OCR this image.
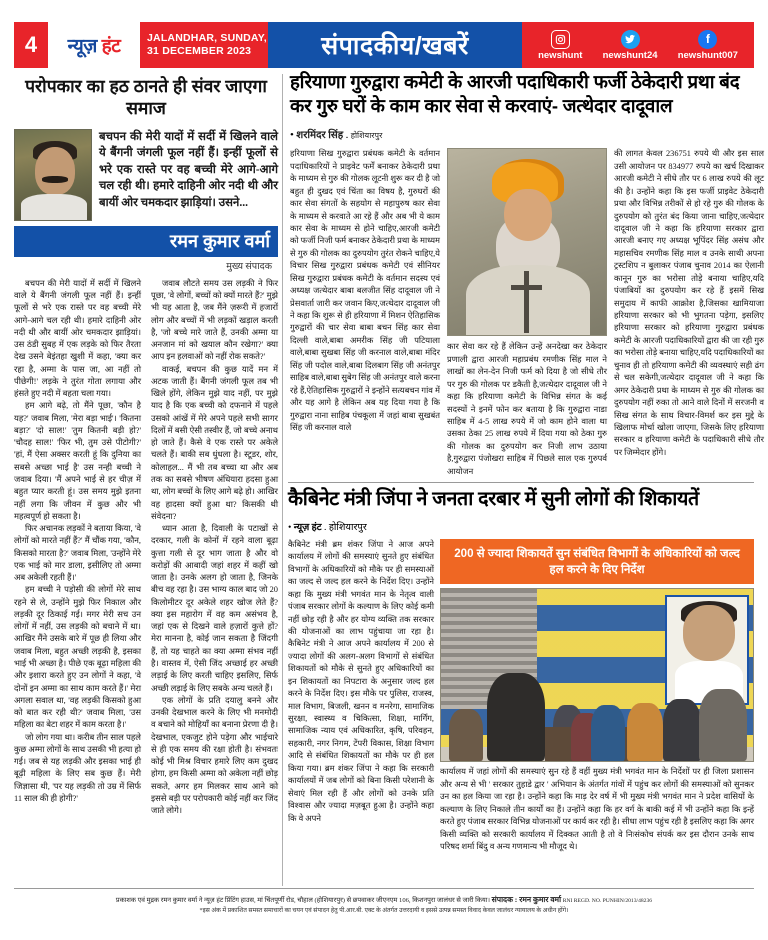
4	न्यूज़ हंट	JALANDHAR, SUNDAY,
31 DECEMBER 2023	संपादकीय/खबरें	newshunt newshunt24
f
newshunt007
परोपकार का हठ ठानते ही संवर जाएगा समाज
बचपन की मेरी यादों में सर्दी में खिलने वाले ये बैंगनी जंगली फूल नहीं हैं। इन्हीं फूलों से भरे एक रास्ते पर वह बच्ची मेरे आगे-आगे चल रही थी। हमारे दाहिनी ओर नदी थी और बायीं ओर चमकदार झाड़ियां। उसने...
रमन कुमार वर्मा
मुख्य संपादक

बचपन की मेरी यादों में सर्दी में खिलने वाले ये बैंगनी जंगली फूल नहीं हैं। इन्हीं फूलों से भरे एक रास्ते पर वह बच्ची मेरे आगे-आगे चल रही थी। हमारे दाहिनी ओर नदी थी और बायीं ओर चमकदार झाड़ियां। उस ठंडी सुबह में एक लड़के को फिर तैरता देख उसने बेइंतहा खुशी में कहा, 'क्या कर रहा है, अम्मा के पास जा, आ नहीं तो पीछेगी!' लड़के ने तुरंत गोता लगाया और हंसते हुए नदी में बहता चला गया।

हम आगे बढ़े, तो मैंने पूछा, 'कौन है यह?' जवाब मिला, 'मेरा बड़ा भाई'। 'कितना बड़ा?' 'दो साल!' 'तुम कितनी बड़ी हो?' 'चौदह साल!' 'फिर भी, तुम उसे पीटोगी?' 'हां, मैं ऐसा अक्सर करती हूं कि दुनिया का सबसे अच्छा भाई है' उस नन्ही बच्ची ने जवाब दिया। 'मैं अपने भाई से हर चीज़ में बहुत प्यार करती हूं। उस समय मुझे इतना नहीं लगा कि जीवन में कुछ और भी महत्वपूर्ण हो सकता है।

फिर अचानक लड़कों ने बताया किया, 'वे लोगों को मारते नहीं हैं?' मैं चौंक गया, 'कौन, किसको मारता है?' जवाब मिला, 'उन्होंने मेरे एक भाई को मार डाला, इसीलिए तो अम्मा अब अकेली रहती हैं।'

हम बच्ची ने पड़ोसी की लोगों मेरे साथ रहने से ले, उन्होंने मुझे फिर निकाल और लड़की दूर ठिकाई गई। मगर मेरी सच उन लोगों में नहीं, उस लड़की को बचाने में था। आखिर मैंने उसके बारे में पूछ ही लिया और जवाब मिला, बहुत अच्छी लड़की है, इसका भाई भी अच्छा है। पीछे एक बूढ़ा महिला की और इशारा करते हुए उन लोगों ने कहा, 'वे दोनों इन अम्मा का साथ काम करते हैं।' मेरा अगला सवाल था, 'वह लड़की किसको हुआ को बात कर रही थी?' जवाब मिला, 'उस महिला का बेटा शहर में काम करता है।'

जो लोग गया था। करीब तीन साल पहले कुछ अम्मा लोगों के साथ उसकी भी हत्या हो गई। जब से यह लड़की और इसका भाई ही बूढ़ी महिला के लिए सब कुछ हैं। मेरी जिज्ञासा थी, 'पर यह लड़की तो उम्र में सिर्फ 11 साल की ही होगी?'

जवाब लौटते समय उस लड़की ने फिर पूछा, 'वे लोगों, बच्चों को क्यों मारते हैं?' मुझे भी यह आता है, जब मैंने ज़रूरी में हजारों लोग और बच्चों में भी लड़कों खड़ाल करती है, 'जो बच्चे मारे जाते हैं, उनकी अम्मा या अनजान मां को खयाल कौन रखेगा?' क्या आप इन हलवाओं को नहीं रोक सकते?'

वाकई, बचपन की कुछ यादें मन में अटक जाती हैं। बैंगनी जंगली फूल तब भी खिले होंगे, लेकिन मुझे याद नहीं, पर मुझे याद है कि एक बच्ची को दफनाने में पहले उसको आंखें में मेरे अपने पहले सभी सागर दिलों में बसी ऐसी तस्वीर हैं, जो बच्चे अनाथ हो जाते हैं। कैसे वे एक रास्ते पर अकेले चलते हैं। बाकी सब धुंधला है। स्टूडर, शोर, कोलाहल... मैं भी तब बच्चा था और अब तक का सबसे भीषण अंधियारा हदसा हुआ था, लोग बच्चों के लिए आगे बढ़े हो। आखिर वह हादसा क्यों हुआ था? किसकी थी संवेदना?

ध्यान आता है, दिवाली के पटाखों से दरकार, गली के कोनों में रहने वाला बूढ़ा कुत्ता गली से दूर भाग जाता है और वो करोड़ों की आबादी जहां शहर में कहीं खो जाता है। उनके अलग हो जाता है, जिनके बीच वह रहा है। उस भाग्य काल बाद जो 20 किलोमीटर दूर अकेले शहर खोज लेते हैं? क्या इस महारोग में वह कम असंभव है, जहां एक से दिखने वाले हज़ारों कुत्ते हों? मेरा मानना है, कोई जान सकता है जिंदगी हैं, तो यह चाहते का क्या अम्मा संभव नहीं है। वास्तव में, ऐसी जिंद अच्छाई हर अच्छी लड़ाई के लिए करती चाहिए इसलिए, सिर्फ अच्छी लड़ाई के लिए सबके अन्य चलते हैं।

एक लोगों के प्रति दयालु बनने और उनकी देखभाल करने के लिए भी मनमोदी व बचाने को मोहियाँ का बनाना प्रेरणा दी है। देखभाल, एकजुट होने पड़ेगा और भाईचारे से ही एक समय की रक्षा होती है। संभवतः कोई भी मिश्र विचार हमारे लिए कम दुखद होगा, हम किसी अम्मा को अकेला नहीं छोड़ सकते, अगर हम मिलकर साथ आने को इससे बड़ी पर परोपकारी कोई नहीं कर जिंद जाते लोगे।

हरियाणा गुरुद्वारा कमेटी के आरजी पदाधिकारी फर्जी ठेकेदारी प्रथा बंद कर गुरु घरों के काम कार सेवा से करवाएं- जत्थेदार दादूवाल
• शरमिंदर सिंह . होशियारपुर

हरियाणा सिख गुरुद्वारा प्रबंधक कमेटी के वर्तमान पदाधिकारियों ने प्राइवेट फर्में बनाकर ठेकेदारी प्रथा के माध्यम से गुरु की गोलक लूटनी शुरू कर दी है जो बहुत ही दुखद एवं चिंता का विषय है, गुरुघरों की कार सेवा संगतों के सहयोग से महापुरुष कार सेवा के माध्यम से करवाते आ रहे हैं और अब भी ये काम कार सेवा के माध्यम से होने चाहिए,आरजी कमेटी को फर्जी निजी फर्म बनाकर ठेकेदारी प्रथा के माध्यम से गुरु की गोलक का दुरुपयोग तुरंत रोकने चाहिए,ये विचार सिख गुरुद्वारा प्रबंधक कमेटी एवं सीनियर सिख गुरुद्वारा प्रबंधक कमेटी के वर्तमान सदस्य एवं अध्यक्ष जत्थेदार बाबा बलजीत सिंह दादूवाल जी ने प्रेसवार्ता जारी कर जवान किए,जत्थेदार दादूवाल जी ने कहा कि शुरू से ही हरियाणा में मिशन ऐतिहासिक गुरुद्वारों की चार सेवा बाबा बचन सिंह कार सेवा दिल्ली वाले,बाबा अमरीक सिंह जी पटियाला वाले,बाबा सुखबा सिंह जी करनाल वाले,बाबा मंदिर सिंह जी पदोल वाले,बाबा दिलबाग सिंह जी अनंतपुर साहिब वाले,बाबा सुबेग सिंह जी अनंतपुर वाले करना रहे हैं,ऐतिहासिक गुरुद्वारों ने इन्होंने सत्यबचन गांव में और यह आगे है लेकिन अब यह दिया गया है कि गुरुद्वारा नाना साहिब पंचकूला में जहां बाबा सुखबंत सिंह जी करनाल वाले

कार सेवा कर रहे हैं लेकिन उन्हें अनदेखा कर ठेकेदार प्रणाली द्वारा आरजी महाप्रबंध रमणीक सिंह माल ने लाखों का लेन-देन निजी फर्म को दिया है जो सीधे तौर पर गुरु की गोलक पर डकैती है,जत्थेदार दादूवाल जी ने कहा कि हरियाणा कमेटी के विभिन्न संगत के कई सदस्यों ने इनमें फोन कर बताया है कि गुरुद्वारा नाडा साहिब में 4-5 लाख रुपये में जो काम होने वाला था उसका ठेका 25 लाख रुपये में दिया गया को ठेका गुरु की गोलक का दुरुपयोग कर निजी लाभ उठाया है,गुरुद्वारा पंजोखरा साहिब में पिछले साल एक गुरुपर्व आयोजन

की लागत केवल 236751 रुपये थी और इस साल उसी आयोजन पर 834977 रुपये का खर्च दिखाकर आरजी कमेटी ने सीधे तौर पर 6 लाख रुपये की लूट की है। उन्होंने कहा कि इस फर्जी प्राइवेट ठेकेदारी प्रथा और विभिन्न तरीकों से हो रहे गुरु की गोलक के दुरुपयोग को तुरंत बंद किया जाना चाहिए,जत्थेदार दादूवाल जी ने कहा कि हरियाणा सरकार द्वारा आरजी बनाए गए अध्यक्ष भूपिंदर सिंह असंध और महासचिव रमणीक सिंह माल व उनके साथी अपना ट्रस्टशिप न बुलाकर पंजाब चुनाव 2014 का ऐलानी कानून गुरु का भरोसा तोड़े बनाया चाहिए,यदि पंजाबियों का दुरुपयोग कर रहे हैं इसमें सिख समुदाय में काफी आक्रोश है,जिसका खामियाजा हरियाणा सरकार को भी भुगतना पड़ेगा, इसलिए हरियाणा सरकार को हरियाणा गुरुद्वारा प्रबंधक कमेटी के आरजी पदाधिकारियों द्वारा की जा रही गुरु का भरोसा तोड़े बनाया चाहिए,यदि पदाधिकारियों का चुनाव ही तो हरियाणा कमेटी की व्यवस्थाएं सही ढंग से चल सकेगी,जत्थेदार दादूवाल जी ने कहा कि अगर ठेकेदारी प्रथा के माध्यम से गुरु की गोलक का दुरुपयोग नहीं रुका तो आने वाले दिनों में सरजनी व सिख संगत के साथ विचार-विमर्श कर इस मुद्दे के खिलाफ मोर्चा खोला जाएगा, जिसके लिए हरियाणा सरकार व हरियाणा कमेटी के पदाधिकारी सीधे तौर पर जिम्मेदार होंगे।

कैबिनेट मंत्री जिंपा ने जनता दरबार में सुनी लोगों की शिकायतें
• न्यूज़ हंट . होशियारपुर

कैबिनेट मंत्री ब्रम शंकर जिंपा ने आज अपने कार्यालय में लोगों की समस्याएं सुनते हुए संबंधित विभागों के अधिकारियों को मौके पर ही समस्याओं का जल्द से जल्द हल करने के निर्देश दिए। उन्होंने कहा कि मुख्य मंत्री भगवंत मान के नेतृत्व वाली पंजाब सरकार लोगों के कल्याण के लिए कोई कमी नहीं छोड़ रही है और हर योग्य व्यक्ति तक सरकार की योजनाओं का लाभ पहुंचाया जा रहा है। कैबिनेट मंत्री ने आज अपने कार्यालय में 200 से ज्यादा लोगों की अलग-अलग विभागों से संबंधित शिकायतों को मौके से सुनते हुए अधिकारियों का इन शिकायतों का निपटारा के अनुसार जल्द हल करने के निर्देश दिए। इस मौके पर पुलिस, राजस्व, माल विभाग, बिजली, खनन व मनरेगा, सामाजिक सुरक्षा, स्वास्थ्य व चिकित्सा, शिक्षा, मार्गिंग, सामाजिक न्याय एवं अधिकारित, कृषि, परिवहन, सहकारी, नगर निगम, टेंपरी विकास, शिक्षा विभाग आदि से संबंधित शिकायतों का मौके पर ही हल किया गया। ब्रम शंकर जिंपा ने कहा कि सरकारी कार्यालयों में जब लोगों को बिना किसी परेशानी के सेवाएं मिल रही हैं और लोगों को उनके प्रति विश्वास और ज्यादा मज़बूत हुआ है। उन्होंने कहा कि वे अपने

200 से ज्यादा शिकायतें सुन संबंधित विभागों के अधिकारियों को जल्द हल करने के दिए निर्देश

कार्यालय में जहां लोगों की समस्याएं सुन रहे हैं वहीं मुख्य मंत्री भगवंत मान के निर्देशों पर ही जिला प्रशासन और अन्य से भी ' सरकार तुहाडे द्वार ' अभियान के अंतर्गत गांवों में पहुंच कर लोगों की समस्याओं को सुनकर उन का हल किया जा रहा है। उन्होंने कहा कि माड़ देर वर्ष में भी मुख्य मंत्री भगवंत मान ने प्रदेश वासियों के कल्याण के लिए निकाले तीन कार्यों का हैं। उन्होंने कहा कि हर वर्ग के बाकी कई में भी उन्होंने कहा कि इन्हें करते हुए पंजाब सरकार विभिन्न योजनाओं पर कार्य कर रही है। सीधा लाभ पहुंच रही है इसलिए कहा कि अगर किसी व्यक्ति को सरकारी कार्यालय में दिक्कत आती है तो वे निःसंकोच संपर्क कर इस दौरान उनके साथ परिषद शर्मा बिंदु व अन्य गणमान्य भी मौजूद थे।

प्रकाशक एवं मुद्रक रमन कुमार वर्मा ने न्यूज़ हंट प्रिंटिंग हाउस, मां चिंतपूर्णी रोड, चौहाल (होशियारपुर) से छपवाकर जीएनएम 106, किशनपुरा जालंधर से जारी किया। संपादक : रमन कुमार वर्मा RNI REGD. NO. PUNHIN/2013/48236
*इस अंक में प्रकाशित समस्त समाचारों का चयन एवं संपादन हेतु पी.आर.बी. एक्ट के अंतर्गत उत्तरदायी व इससे उत्पन्न समस्त विवाद केवल जालंधर न्यायालय के अधीन होंगे।
